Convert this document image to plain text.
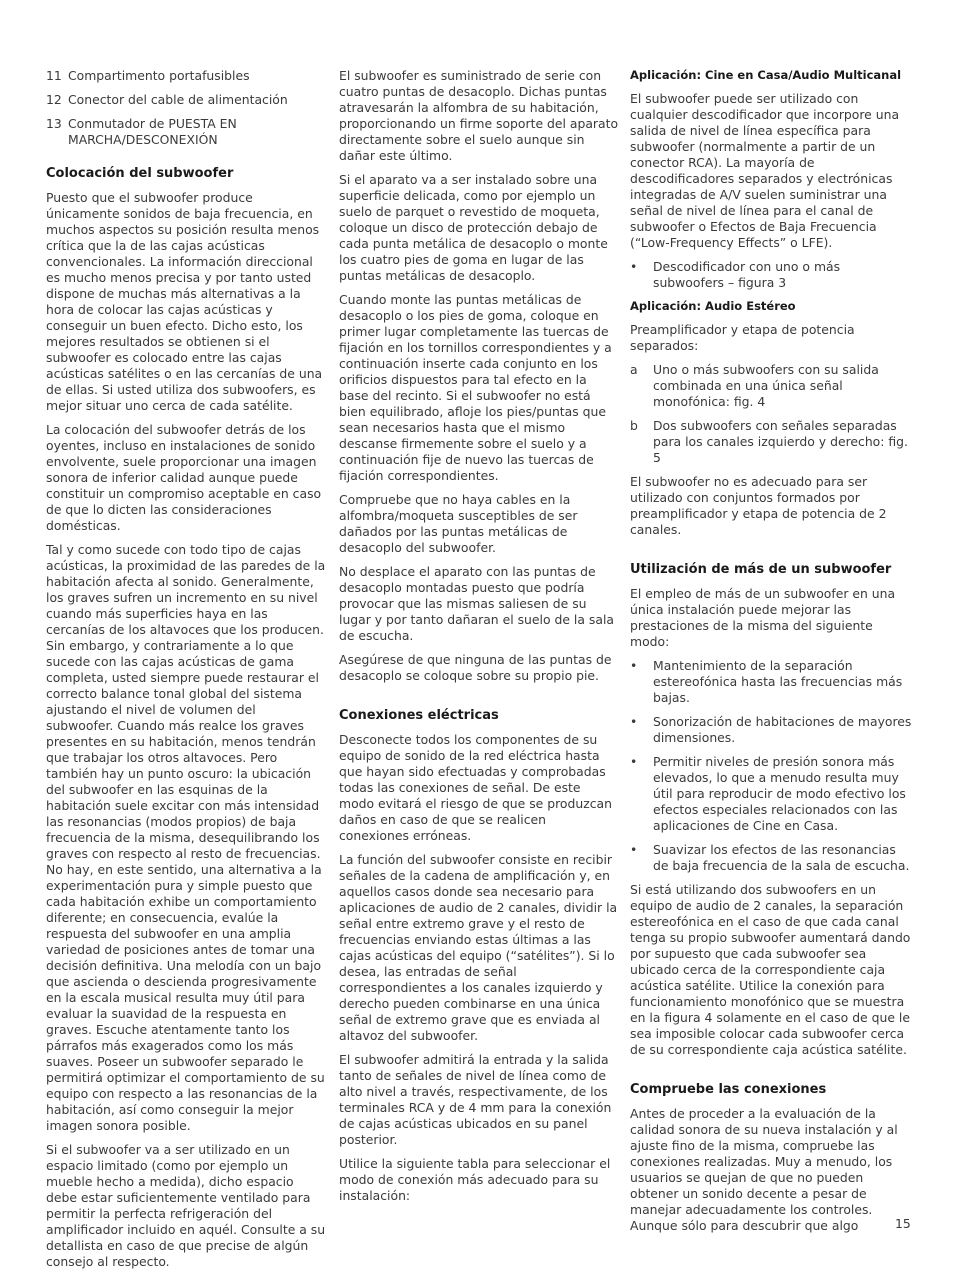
11 Compartimento portafusibles
12 Conector del cable de alimentación
13 Conmutador de PUESTA EN MARCHA/DESCONEXIÓN
Colocación del subwoofer

Puesto que el subwoofer produce únicamente sonidos de baja frecuencia, en muchos aspectos su posición resulta menos crítica que la de las cajas acústicas convencionales. La información direccional es mucho menos precisa y por tanto usted dispone de muchas más alternativas a la hora de colocar las cajas acústicas y conseguir un buen efecto. Dicho esto, los mejores resultados se obtienen si el subwoofer es colocado entre las cajas acústicas satélites o en las cercanías de una de ellas. Si usted utiliza dos subwoofers, es mejor situar uno cerca de cada satélite.

La colocación del subwoofer detrás de los oyentes, incluso en instalaciones de sonido envolvente, suele proporcionar una imagen sonora de inferior calidad aunque puede constituir un compromiso aceptable en caso de que lo dicten las consideraciones domésticas.

Tal y como sucede con todo tipo de cajas acústicas, la proximidad de las paredes de la habitación afecta al sonido. Generalmente, los graves sufren un incremento en su nivel cuando más superficies haya en las cercanías de los altavoces que los producen. Sin embargo, y contrariamente a lo que sucede con las cajas acústicas de gama completa, usted siempre puede restaurar el correcto balance tonal global del sistema ajustando el nivel de volumen del subwoofer. Cuando más realce los graves presentes en su habitación, menos tendrán que trabajar los otros altavoces. Pero también hay un punto oscuro: la ubicación del subwoofer en las esquinas de la habitación suele excitar con más intensidad las resonancias (modos propios) de baja frecuencia de la misma, desequilibrando los graves con respecto al resto de frecuencias. No hay, en este sentido, una alternativa a la experimentación pura y simple puesto que cada habitación exhibe un comportamiento diferente; en consecuencia, evalúe la respuesta del subwoofer en una amplia variedad de posiciones antes de tomar una decisión definitiva. Una melodía con un bajo que ascienda o descienda progresivamente en la escala musical resulta muy útil para evaluar la suavidad de la respuesta en graves. Escuche atentamente tanto los párrafos más exagerados como los más suaves. Poseer un subwoofer separado le permitirá optimizar el comportamiento de su equipo con respecto a las resonancias de la habitación, así como conseguir la mejor imagen sonora posible.

Si el subwoofer va a ser utilizado en un espacio limitado (como por ejemplo un mueble hecho a medida), dicho espacio debe estar suficientemente ventilado para permitir la perfecta refrigeración del amplificador incluido en aquél. Consulte a su detallista en caso de que precise de algún consejo al respecto.

El subwoofer es suministrado de serie con cuatro puntas de desacoplo. Dichas puntas atravesarán la alfombra de su habitación, proporcionando un firme soporte del aparato directamente sobre el suelo aunque sin dañar este último.

Si el aparato va a ser instalado sobre una superficie delicada, como por ejemplo un suelo de parquet o revestido de moqueta, coloque un disco de protección debajo de cada punta metálica de desacoplo o monte los cuatro pies de goma en lugar de las puntas metálicas de desacoplo.

Cuando monte las puntas metálicas de desacoplo o los pies de goma, coloque en primer lugar completamente las tuercas de fijación en los tornillos correspondientes y a continuación inserte cada conjunto en los orificios dispuestos para tal efecto en la base del recinto. Si el subwoofer no está bien equilibrado, afloje los pies/puntas que sean necesarios hasta que el mismo descanse firmemente sobre el suelo y a continuación fije de nuevo las tuercas de fijación correspondientes.

Compruebe que no haya cables en la alfombra/moqueta susceptibles de ser dañados por las puntas metálicas de desacoplo del subwoofer.

No desplace el aparato con las puntas de desacoplo montadas puesto que podría provocar que las mismas saliesen de su lugar y por tanto dañaran el suelo de la sala de escucha.

Asegúrese de que ninguna de las puntas de desacoplo se coloque sobre su propio pie.

Conexiones eléctricas

Desconecte todos los componentes de su equipo de sonido de la red eléctrica hasta que hayan sido efectuadas y comprobadas todas las conexiones de señal. De este modo evitará el riesgo de que se produzcan daños en caso de que se realicen conexiones erróneas.

La función del subwoofer consiste en recibir señales de la cadena de amplificación y, en aquellos casos donde sea necesario para aplicaciones de audio de 2 canales, dividir la señal entre extremo grave y el resto de frecuencias enviando estas últimas a las cajas acústicas del equipo (“satélites”). Si lo desea, las entradas de señal correspondientes a los canales izquierdo y derecho pueden combinarse en una única señal de extremo grave que es enviada al altavoz del subwoofer.

El subwoofer admitirá la entrada y la salida tanto de señales de nivel de línea como de alto nivel a través, respectivamente, de los terminales RCA y de 4 mm para la conexión de cajas acústicas ubicados en su panel posterior.

Utilice la siguiente tabla para seleccionar el modo de conexión más adecuado para su instalación:

Aplicación: Cine en Casa/Audio Multicanal

El subwoofer puede ser utilizado con cualquier descodificador que incorpore una salida de nivel de línea específica para subwoofer (normalmente a partir de un conector RCA). La mayoría de descodificadores separados y electrónicas integradas de A/V suelen suministrar una señal de nivel de línea para el canal de subwoofer o Efectos de Baja Frecuencia (“Low-Frequency Effects” o LFE).

•	Descodificador con uno o más subwoofers – figura 3
Aplicación: Audio Estéreo

Preamplificador y etapa de potencia separados:

a	Uno o más subwoofers con su salida combinada en una única señal monofónica: fig. 4
b	Dos subwoofers con señales separadas para los canales izquierdo y derecho: fig. 5

El subwoofer no es adecuado para ser utilizado con conjuntos formados por preamplificador y etapa de potencia de 2 canales.

Utilización de más de un subwoofer

El empleo de más de un subwoofer en una única instalación puede mejorar las prestaciones de la misma del siguiente modo:

•	Mantenimiento de la separación estereofónica hasta las frecuencias más bajas.
•	Sonorización de habitaciones de mayores dimensiones.
•	Permitir niveles de presión sonora más elevados, lo que a menudo resulta muy útil para reproducir de modo efectivo los efectos especiales relacionados con las aplicaciones de Cine en Casa.
•	Suavizar los efectos de las resonancias de baja frecuencia de la sala de escucha.

Si está utilizando dos subwoofers en un equipo de audio de 2 canales, la separación estereofónica en el caso de que cada canal tenga su propio subwoofer aumentará dando por supuesto que cada subwoofer sea ubicado cerca de la correspondiente caja acústica satélite. Utilice la conexión para funcionamiento monofónico que se muestra en la figura 4 solamente en el caso de que le sea imposible colocar cada subwoofer cerca de su correspondiente caja acústica satélite.

Compruebe las conexiones

Antes de proceder a la evaluación de la calidad sonora de su nueva instalación y al ajuste fino de la misma, compruebe las conexiones realizadas. Muy a menudo, los usuarios se quejan de que no pueden obtener un sonido decente a pesar de manejar adecuadamente los controles. Aunque sólo para descubrir que algo	15
